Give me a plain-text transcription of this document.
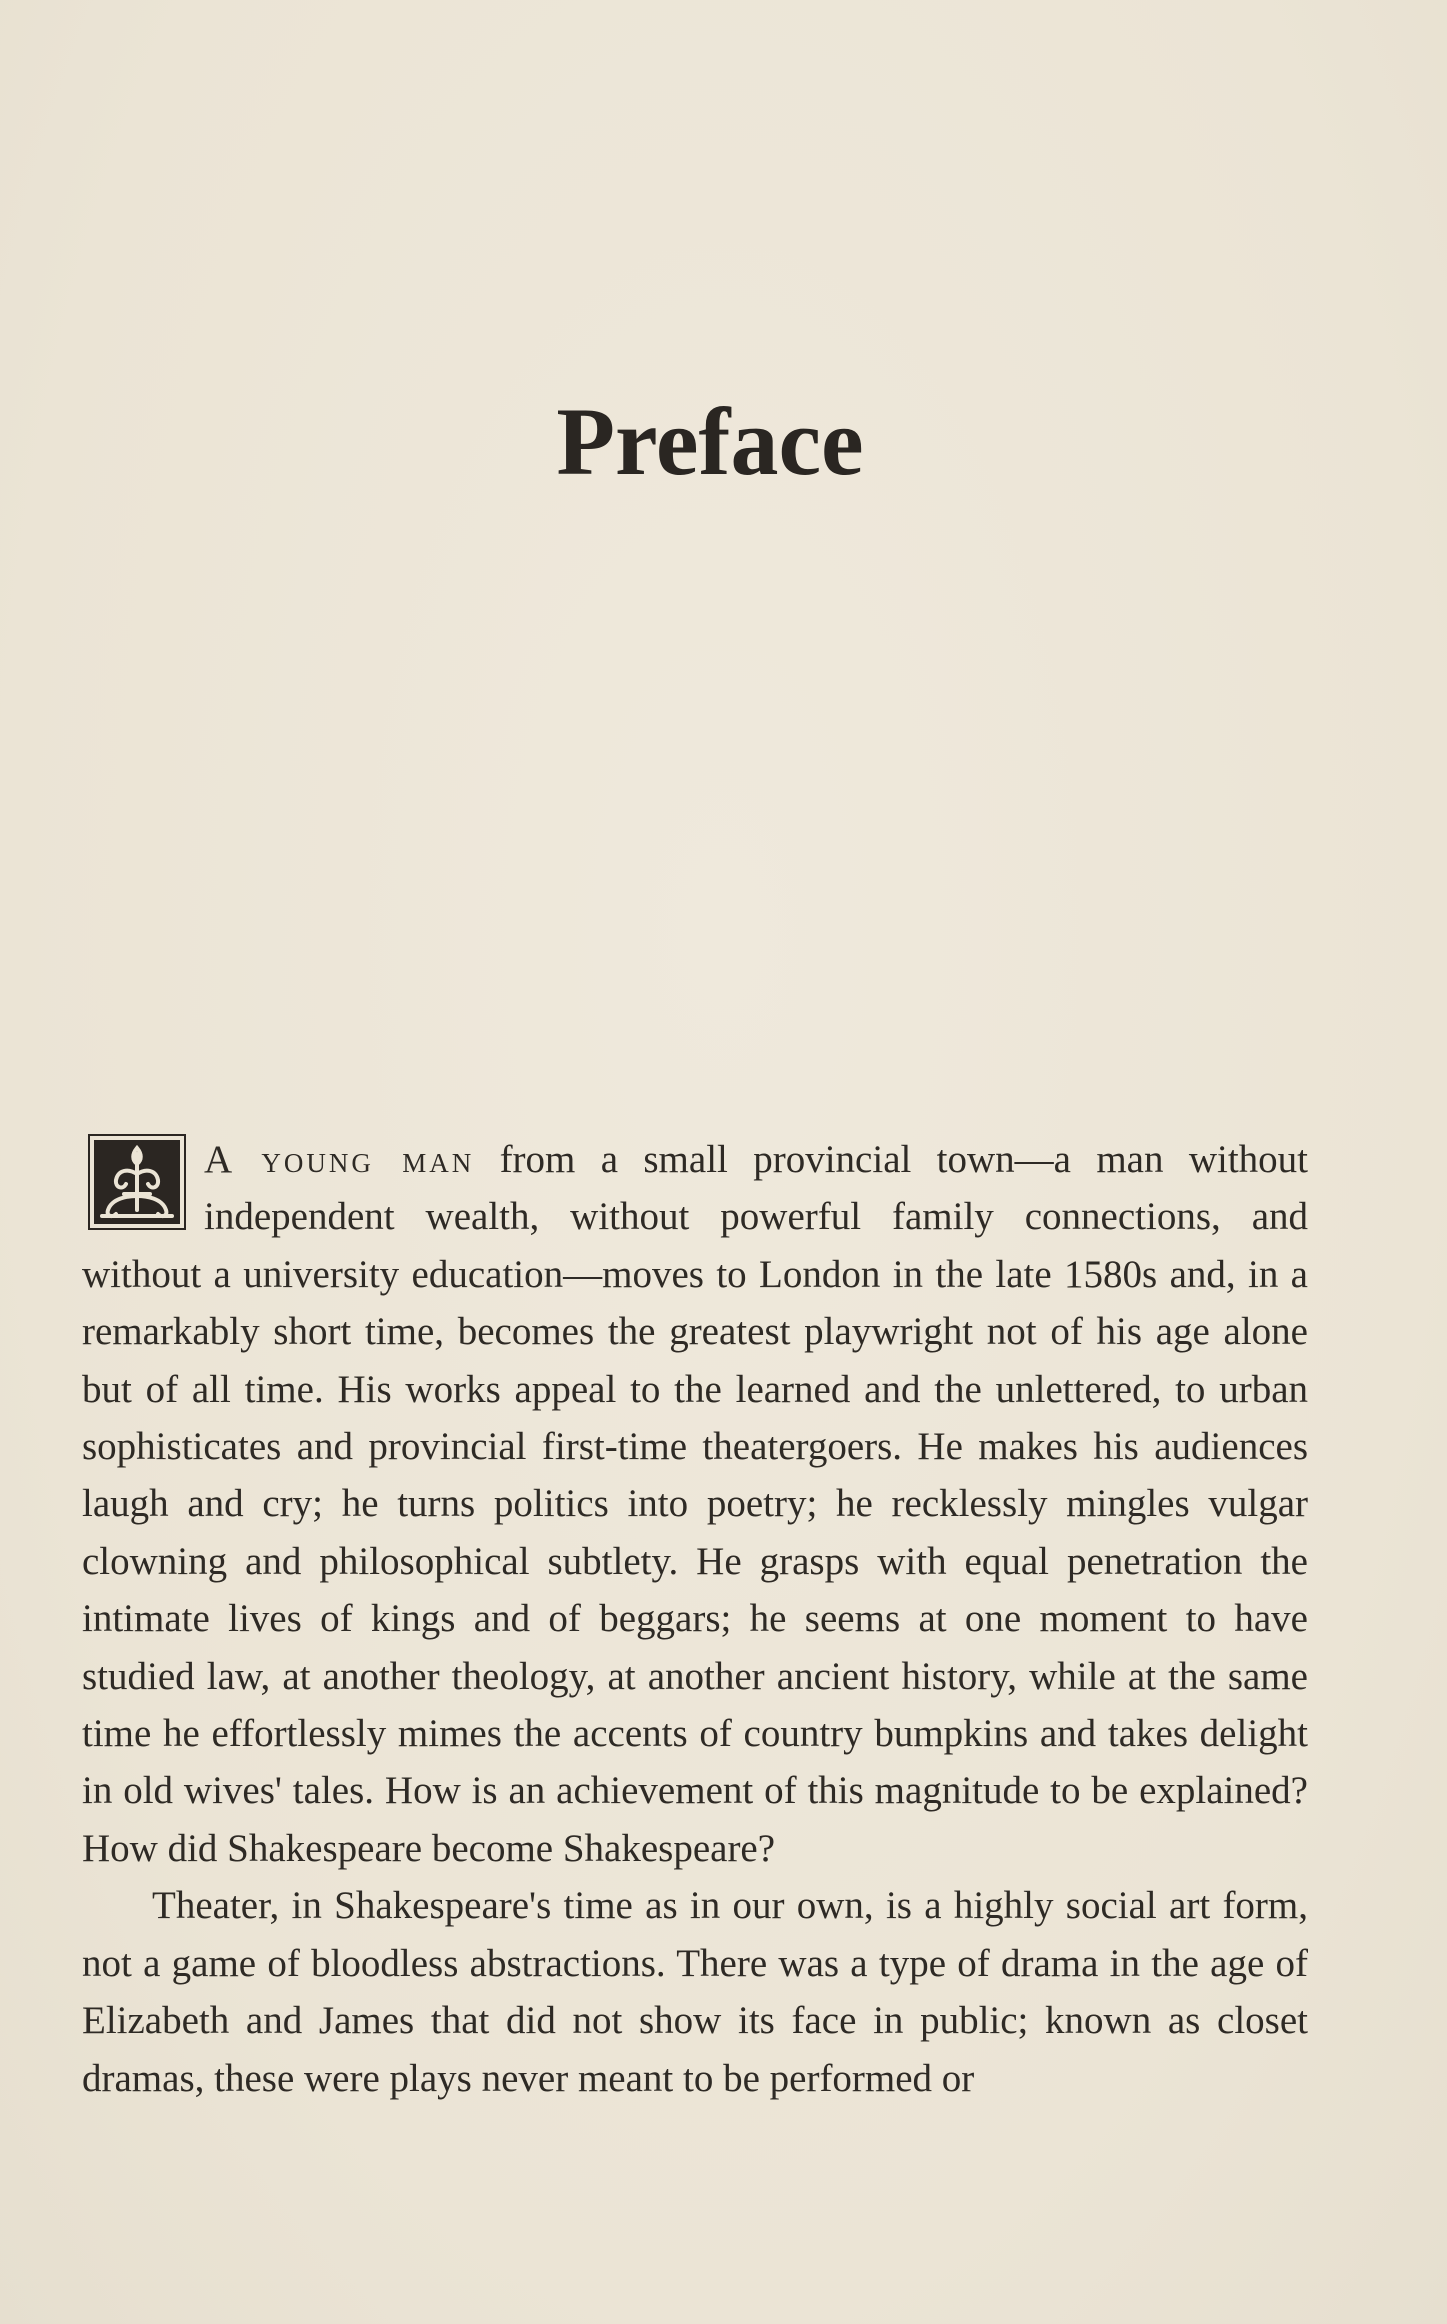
Preface

A young man from a small provincial town—a man without independent wealth, without powerful family connections, and without a university education—moves to London in the late 1580s and, in a remarkably short time, becomes the greatest playwright not of his age alone but of all time. His works appeal to the learned and the unlettered, to urban sophisticates and provincial first-time theatergoers. He makes his audiences laugh and cry; he turns politics into poetry; he recklessly mingles vulgar clowning and philosophical subtlety. He grasps with equal penetration the intimate lives of kings and of beggars; he seems at one moment to have studied law, at another theology, at another ancient history, while at the same time he effortlessly mimes the accents of country bumpkins and takes delight in old wives' tales. How is an achievement of this magnitude to be explained? How did Shakespeare become Shakespeare?

Theater, in Shakespeare's time as in our own, is a highly social art form, not a game of bloodless abstractions. There was a type of drama in the age of Elizabeth and James that did not show its face in public; known as closet dramas, these were plays never meant to be performed or
